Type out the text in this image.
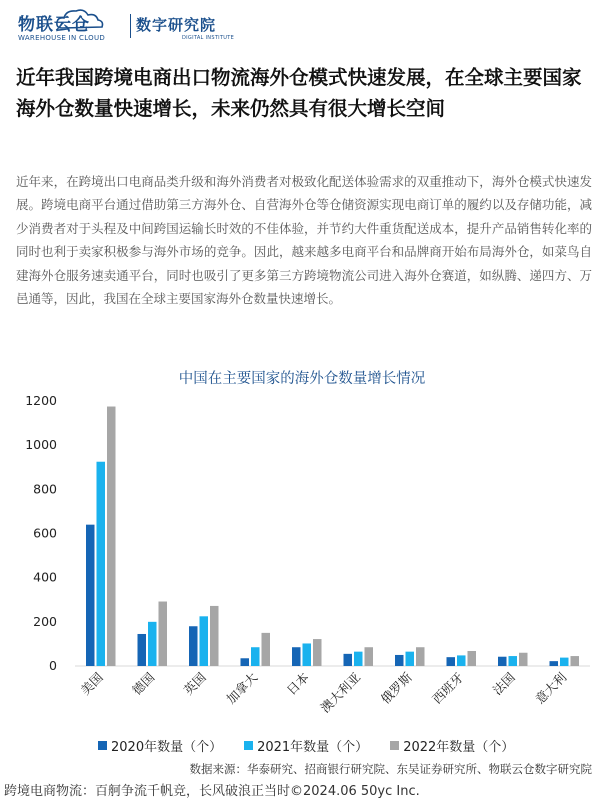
物联云仓
WAREHOUSE IN CLOUD
数字研究院
DIGITAL INSTITUTE
近年我国跨境电商出口物流海外仓模式快速发展，在全球主要国家海外仓数量快速增长，未来仍然具有很大增长空间
近年来，在跨境出口电商品类升级和海外消费者对极致化配送体验需求的双重推动下，海外仓模式快速发展。跨境电商平台通过借助第三方海外仓、自营海外仓等仓储资源实现电商订单的履约以及存储功能，减少消费者对于头程及中间跨国运输长时效的不佳体验，并节约大件重货配送成本，提升产品销售转化率的同时也利于卖家积极参与海外市场的竞争。因此，越来越多电商平台和品牌商开始布局海外仓，如菜鸟自建海外仓服务速卖通平台，同时也吸引了更多第三方跨境物流公司进入海外仓赛道，如纵腾、递四方、万邑通等，因此，我国在全球主要国家海外仓数量快速增长。
中国在主要国家的海外仓数量增长情况
0
200
400
600
800
1000
1200
美国 德国 英国 加拿大 日本 澳大利亚 俄罗斯 西班牙 法国 意大利
2020年数量（个）	2021年数量（个）	2022年数量（个）
数据来源：华泰研究、招商银行研究院、东吴证券研究所、物联云仓数字研究院
跨境电商物流：百舸争流千帆竞，长风破浪正当时©2024.06 50yc Inc.
